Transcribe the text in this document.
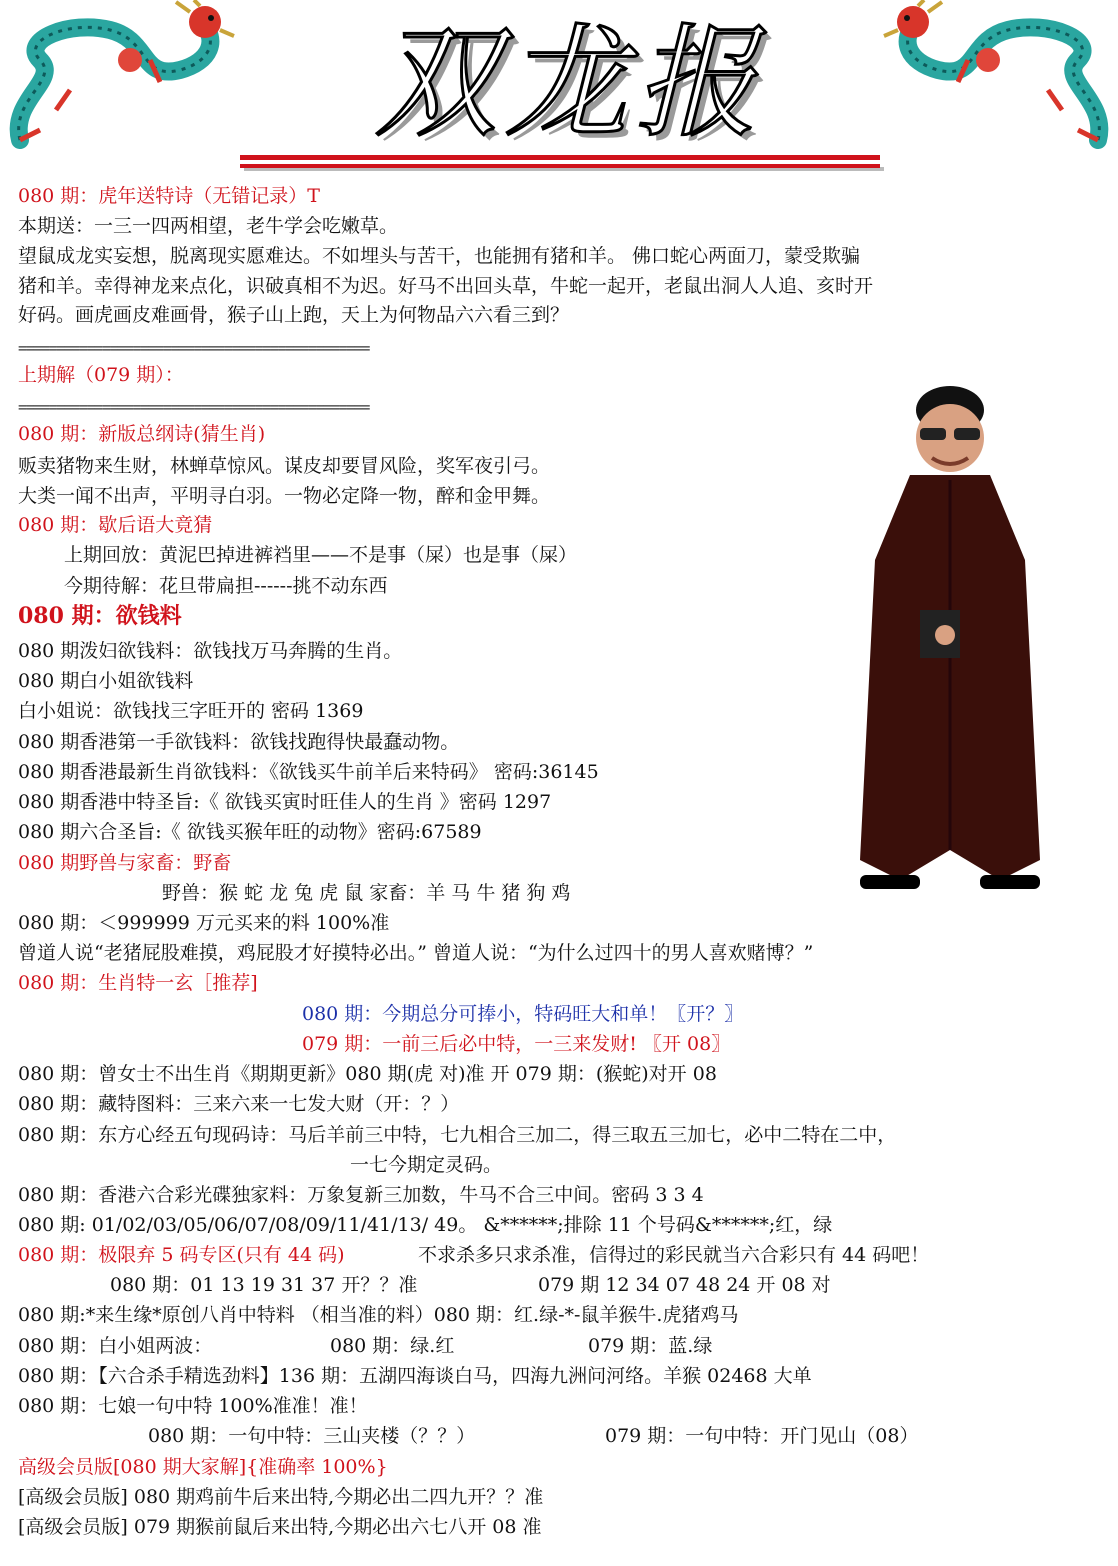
双龙报
080 期：虎年送特诗（无错记录）T
本期送：一三一四两相望，老牛学会吃嫩草。
望鼠成龙实妄想，脱离现实愿难达。不如埋头与苦干，也能拥有猪和羊。 佛口蛇心两面刀，蒙受欺骗
猪和羊。幸得神龙来点化，识破真相不为迟。好马不出回头草，牛蛇一起开，老鼠出洞人人追、亥时开
好码。画虎画皮难画骨，猴子山上跑，天上为何物品六六看三到？
==============================================
上期解（079 期）：
==============================================
080 期：新版总纲诗(猜生肖)
贩卖猪物来生财，林蝉草惊风。谋皮却要冒风险，奖军夜引弓。
大类一闻不出声，平明寻白羽。一物必定降一物，醉和金甲舞。
080 期：歇后语大竟猜
上期回放：黄泥巴掉进裤裆里——不是事（屎）也是事（屎）
今期待解：花旦带扁担------挑不动东西
080 期：欲钱料
080 期泼妇欲钱料：欲钱找万马奔腾的生肖。
080 期白小姐欲钱料
白小姐说：欲钱找三字旺开的 密码 1369
080 期香港第一手欲钱料：欲钱找跑得快最蠢动物。
080 期香港最新生肖欲钱料：《欲钱买牛前羊后来特码》 密码:36145
080 期香港中特圣旨:《 欲钱买寅时旺佳人的生肖 》密码 1297
080 期六合圣旨:《 欲钱买猴年旺的动物》密码:67589
080 期野兽与家畜：野畜
野兽：猴 蛇 龙 兔 虎 鼠 家畜：羊 马 牛 猪 狗 鸡
080 期：＜999999 万元买来的料 100%准
曾道人说“老猪屁股难摸，鸡屁股才好摸特必出。” 曾道人说：“为什么过四十的男人喜欢赌博？”
080 期：生肖特一玄［推荐]
080 期：今期总分可捧小，特码旺大和单！〖开？〗
079 期：一前三后必中特，一三来发财! 〖开 08〗
080 期：曾女士不出生肖《期期更新》080 期(虎 对)准 开 079 期：(猴蛇)对开 08
080 期：藏特图料：三来六来一七发大财（开：？）
080 期：东方心经五句现码诗：马后羊前三中特，七九相合三加二，得三取五三加七，必中二特在二中，
一七今期定灵码。
080 期：香港六合彩光碟独家料：万象复新三加数，牛马不合三中间。密码 3 3 4
080 期: 01/02/03/05/06/07/08/09/11/41/13/ 49。 &******;排除 11 个号码&******;红，绿
080 期：极限弃 5 码专区(只有 44 码)	不求杀多只求杀准，信得过的彩民就当六合彩只有 44 码吧！
080 期：01 13 19 31 37 开？？准	079 期 12 34 07 48 24 开 08 对
080 期:*来生缘*原创八肖中特料 （相当准的料）080 期：红.绿-*-鼠羊猴牛.虎猪鸡马
080 期：白小姐两波：	080 期：绿.红	079 期：蓝.绿
080 期：【六合杀手精选劲料】136 期：五湖四海谈白马，四海九洲问河络。羊猴 02468 大单
080 期：七娘一句中特 100%准准！准！
080 期：一句中特：三山夹楼（？？）	079 期：一句中特：开门见山（08）
高级会员版[080 期大家解]{准确率 100%}
[高级会员版] 080 期鸡前牛后来出特,今期必出二四九开？？准
[高级会员版] 079 期猴前鼠后来出特,今期必出六七八开 08 准
